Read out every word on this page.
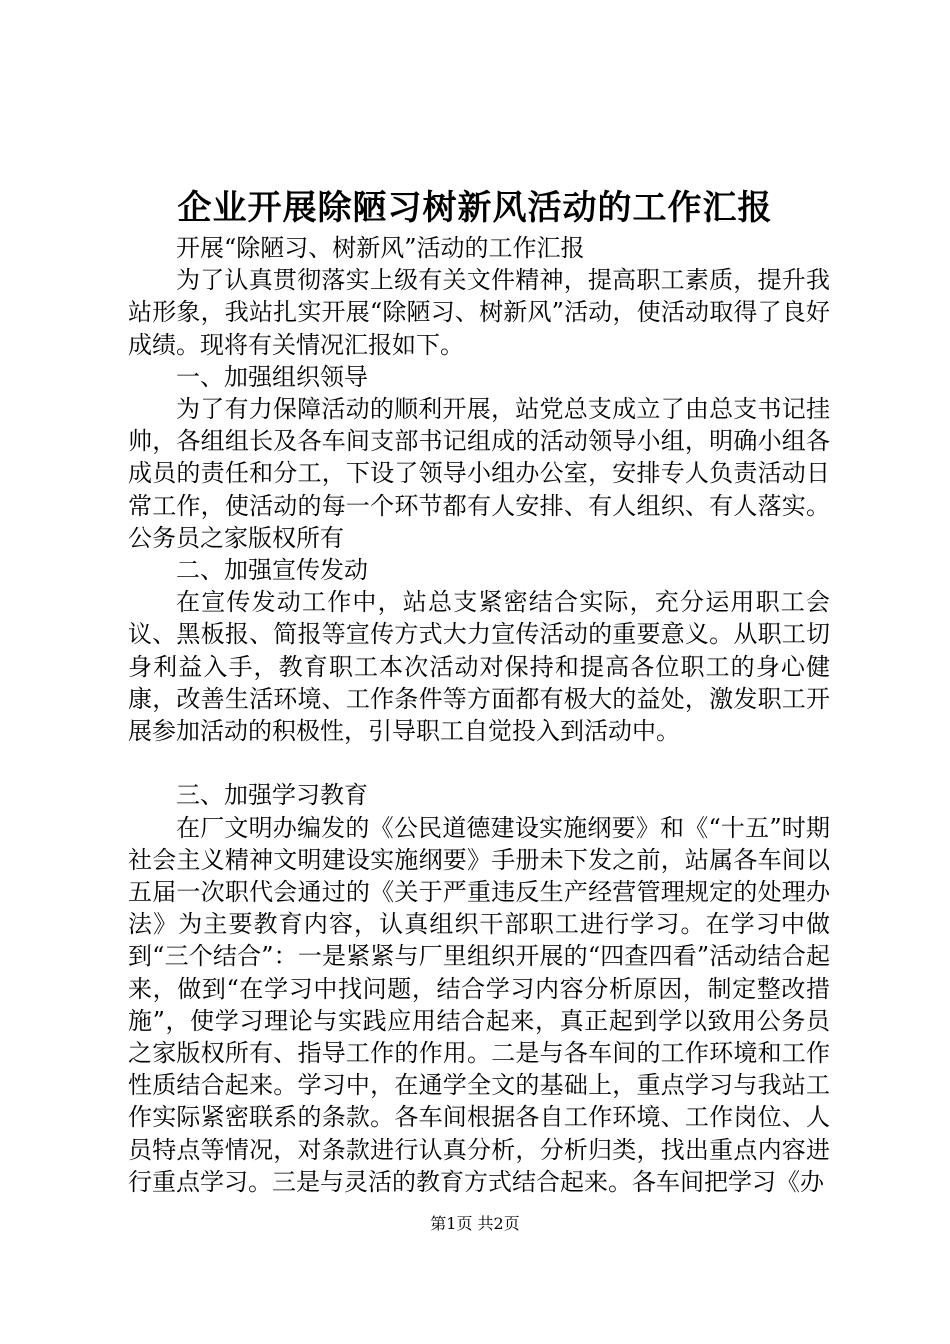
企业开展除陋习树新风活动的工作汇报

开展“除陋习、树新风”活动的工作汇报

为了认真贯彻落实上级有关文件精神，提高职工素质，提升我站形象，我站扎实开展“除陋习、树新风”活动，使活动取得了良好成绩。现将有关情况汇报如下。

一、加强组织领导

为了有力保障活动的顺利开展，站党总支成立了由总支书记挂帅，各组组长及各车间支部书记组成的活动领导小组，明确小组各成员的责任和分工，下设了领导小组办公室，安排专人负责活动日常工作，使活动的每一个环节都有人安排、有人组织、有人落实。公务员之家版权所有

二、加强宣传发动

在宣传发动工作中，站总支紧密结合实际，充分运用职工会议、黑板报、简报等宣传方式大力宣传活动的重要意义。从职工切身利益入手，教育职工本次活动对保持和提高各位职工的身心健康，改善生活环境、工作条件等方面都有极大的益处，激发职工开展参加活动的积极性，引导职工自觉投入到活动中。

三、加强学习教育

在厂文明办编发的《公民道德建设实施纲要》和《“十五”时期社会主义精神文明建设实施纲要》手册未下发之前，站属各车间以五届一次职代会通过的《关于严重违反生产经营管理规定的处理办法》为主要教育内容，认真组织干部职工进行学习。在学习中做到“三个结合”：一是紧紧与厂里组织开展的“四查四看”活动结合起来，做到“在学习中找问题，结合学习内容分析原因，制定整改措施”，使学习理论与实践应用结合起来，真正起到学以致用公务员之家版权所有、指导工作的作用。二是与各车间的工作环境和工作性质结合起来。学习中，在通学全文的基础上，重点学习与我站工作实际紧密联系的条款。各车间根据各自工作环境、工作岗位、人员特点等情况，对条款进行认真分析，分析归类，找出重点内容进行重点学习。三是与灵活的教育方式结合起来。各车间把学习《办

第1页 共2页
